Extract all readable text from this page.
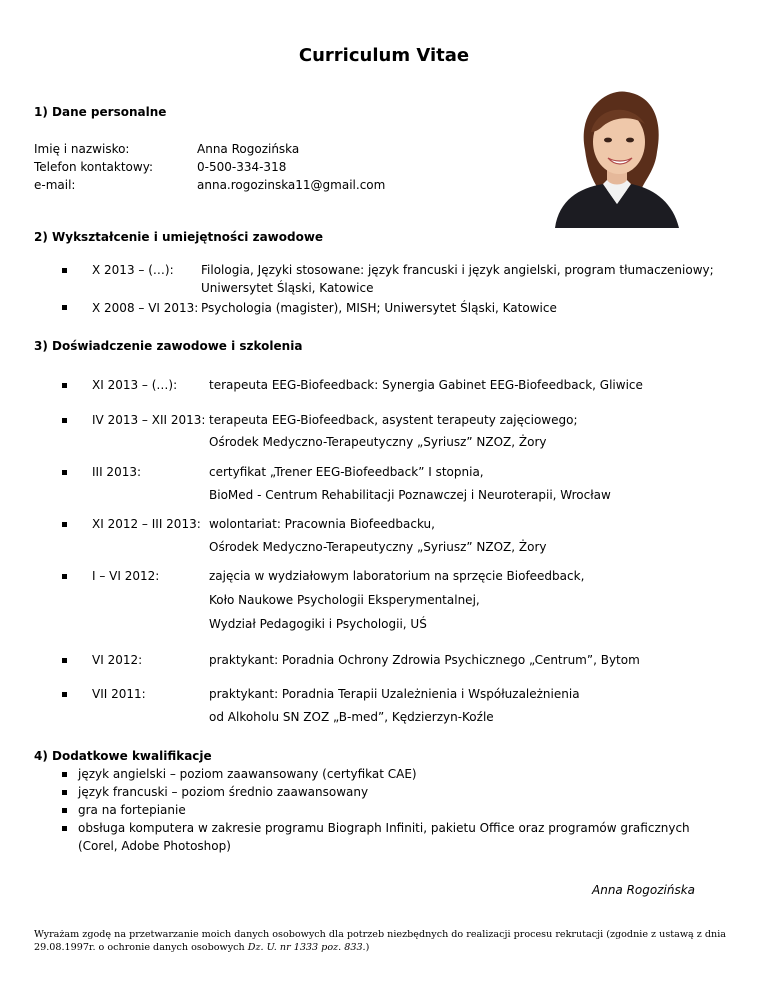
Curriculum Vitae
1) Dane personalne
Imię i nazwisko:	Anna Rogozińska
Telefon kontaktowy:	0-500-334-318
e-mail:	anna.rogozinska11@gmail.com
2) Wykształcenie i umiejętności zawodowe
X 2013 – (…): Filologia, Języki stosowane: język francuski i język angielski, program tłumaczeniowy;
Uniwersytet Śląski, Katowice
X 2008 – VI 2013: Psychologia (magister), MISH; Uniwersytet Śląski, Katowice
3) Doświadczenie zawodowe i szkolenia
XI 2013 – (…):	terapeuta EEG-Biofeedback: Synergia Gabinet EEG-Biofeedback, Gliwice
IV 2013 – XII 2013: terapeuta EEG-Biofeedback, asystent terapeuty zajęciowego;
Ośrodek Medyczno-Terapeutyczny „Syriusz” NZOZ, Żory
III 2013:	certyfikat „Trener EEG-Biofeedback” I stopnia,
BioMed - Centrum Rehabilitacji Poznawczej i Neuroterapii, Wrocław
XI 2012 – III 2013: wolontariat: Pracownia Biofeedbacku,
Ośrodek Medyczno-Terapeutyczny „Syriusz” NZOZ, Żory
I – VI 2012:	zajęcia w wydziałowym laboratorium na sprzęcie Biofeedback,
Koło Naukowe Psychologii Eksperymentalnej,
Wydział Pedagogiki i Psychologii, UŚ
VI 2012:	praktykant: Poradnia Ochrony Zdrowia Psychicznego „Centrum”, Bytom
VII 2011:	praktykant: Poradnia Terapii Uzależnienia i Współuzależnienia
od Alkoholu SN ZOZ „B-med”, Kędzierzyn-Koźle
4) Dodatkowe kwalifikacje
język angielski – poziom zaawansowany (certyfikat CAE)
język francuski – poziom średnio zaawansowany
gra na fortepianie
obsługa komputera w zakresie programu Biograph Infiniti, pakietu Office oraz programów graficznych
(Corel, Adobe Photoshop)
Anna Rogozińska
Wyrażam zgodę na przetwarzanie moich danych osobowych dla potrzeb niezbędnych do realizacji procesu rekrutacji (zgodnie z ustawą z dnia 29.08.1997r. o ochronie danych osobowych Dz. U. nr 1333 poz. 833.)
